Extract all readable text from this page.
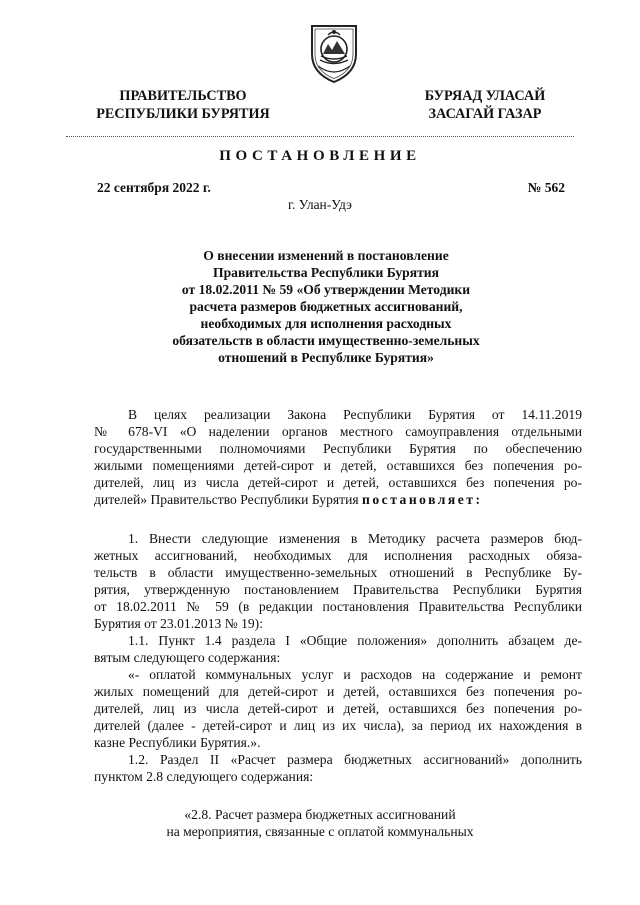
ПРАВИТЕЛЬСТВО
РЕСПУБЛИКИ БУРЯТИЯ
БУРЯАД УЛАСАЙ
ЗАСАГАЙ ГАЗАР
ПОСТАНОВЛЕНИЕ
22 сентября 2022 г.	№ 562
г. Улан-Удэ
О внесении изменений в постановление
Правительства Республики Бурятия
от 18.02.2011 № 59 «Об утверждении Методики
расчета размеров бюджетных ассигнований,
необходимых для исполнения расходных
обязательств в области имущественно-земельных
отношений в Республике Бурятия»
В целях реализации Закона Республики Бурятия от 14.11.2019
№ 678-VI «О наделении органов местного самоуправления отдельными
государственными полномочиями Республики Бурятия по обеспечению
жилыми помещениями детей-сирот и детей, оставшихся без попечения ро-
дителей, лиц из числа детей-сирот и детей, оставшихся без попечения ро-
дителей» Правительство Республики Бурятия постановляет:
1. Внести следующие изменения в Методику расчета размеров бюд-
жетных ассигнований, необходимых для исполнения расходных обяза-
тельств в области имущественно-земельных отношений в Республике Бу-
рятия, утвержденную постановлением Правительства Республики Бурятия
от 18.02.2011 № 59 (в редакции постановления Правительства Республики
Бурятия от 23.01.2013 № 19):
1.1. Пункт 1.4 раздела I «Общие положения» дополнить абзацем де-
вятым следующего содержания:
«- оплатой коммунальных услуг и расходов на содержание и ремонт
жилых помещений для детей-сирот и детей, оставшихся без попечения ро-
дителей, лиц из числа детей-сирот и детей, оставшихся без попечения ро-
дителей (далее - детей-сирот и лиц из их числа), за период их нахождения в
казне Республики Бурятия.».
1.2. Раздел II «Расчет размера бюджетных ассигнований» дополнить
пунктом 2.8 следующего содержания:
«2.8. Расчет размера бюджетных ассигнований
на мероприятия, связанные с оплатой коммунальных
